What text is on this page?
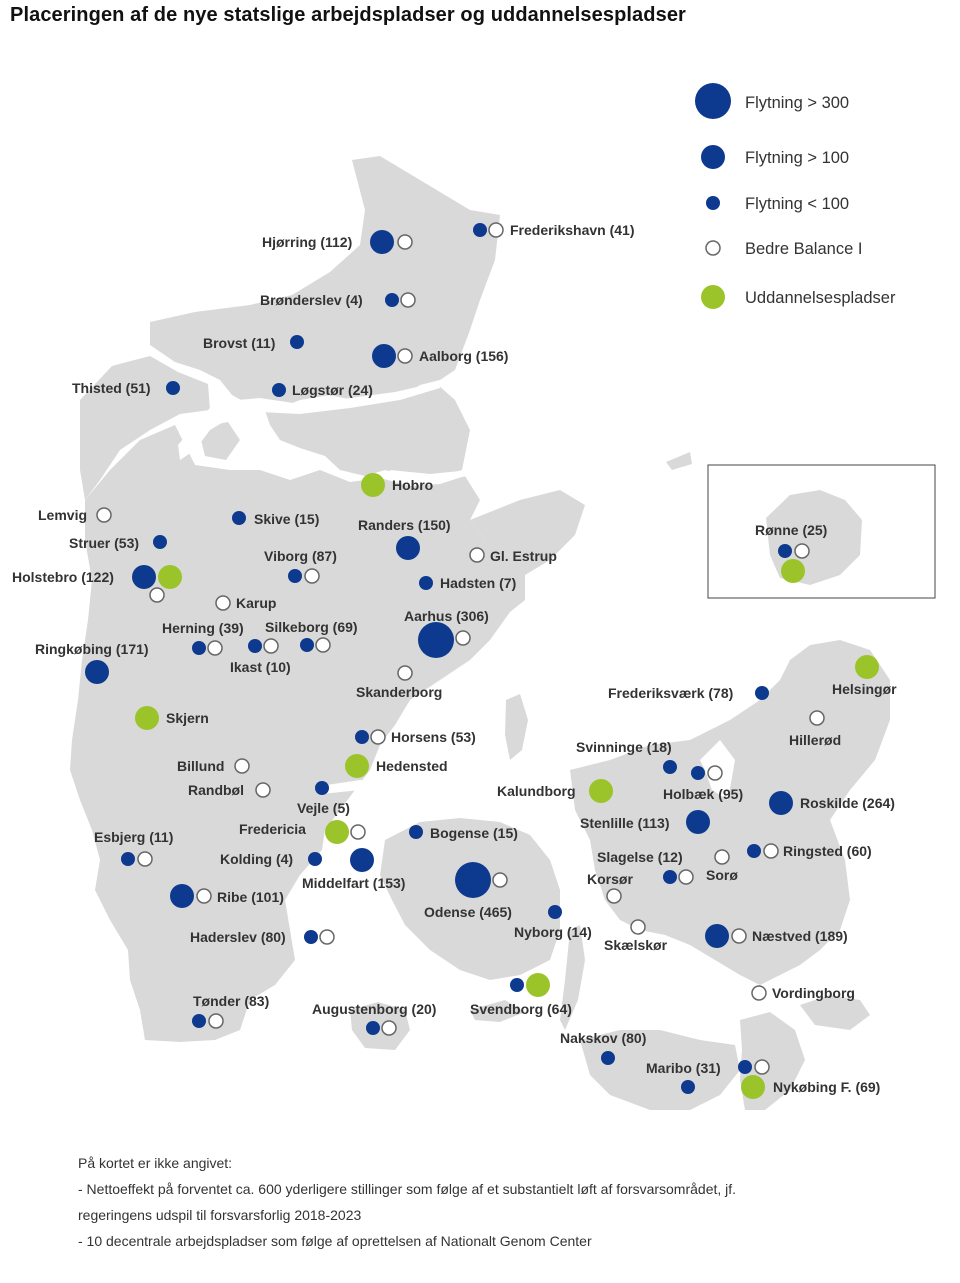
Placeringen af de nye statslige arbejdspladser og uddannelsespladser
Hjørring (112)
Frederikshavn (41)
Brønderslev (4)
Brovst (11)
Aalborg (156)
Thisted (51)	Løgstør (24)
Hobro
Lemvig	Skive (15)	Randers (150)
Struer (53)
Viborg (87)	Gl. Estrup
Holstebro (122)	Hadsten (7)
Karup
Aarhus (306)
Herning (39) Silkeborg (69)
Ringkøbing (171)
Ikast (10)
Skanderborg
Skjern
Horsens (53)
Billund	Hedensted
Randbøl
Vejle (5)
Fredericia	Bogense (15)
Esbjerg (11)
Kolding (4)
Middelfart (153)
Ribe (101)
Odense (465)
Nyborg (14)
Haderslev (80)
Tønder (83)	Augustenborg (20) Svendborg (64)
Rønne (25)
Helsingør
Frederiksværk (78)
Hillerød
Svinninge (18)
Holbæk (95)
Kalundborg
Roskilde (264)
Stenlille (113)
Ringsted (60)
Slagelse (12)
Sorø
Korsør
Skælskør
Næstved (189)
Vordingborg
Nakskov (80)
Maribo (31)
Nykøbing F. (69)
Flytning > 300
Flytning > 100
Flytning < 100
Bedre Balance I
Uddannelsespladser
På kortet er ikke angivet:
- Nettoeffekt på forventet ca. 600 yderligere stillinger som følge af et substantielt løft af forsvarsområdet, jf.
regeringens udspil til forsvarsforlig 2018-2023
- 10 decentrale arbejdspladser som følge af oprettelsen af Nationalt Genom Center
